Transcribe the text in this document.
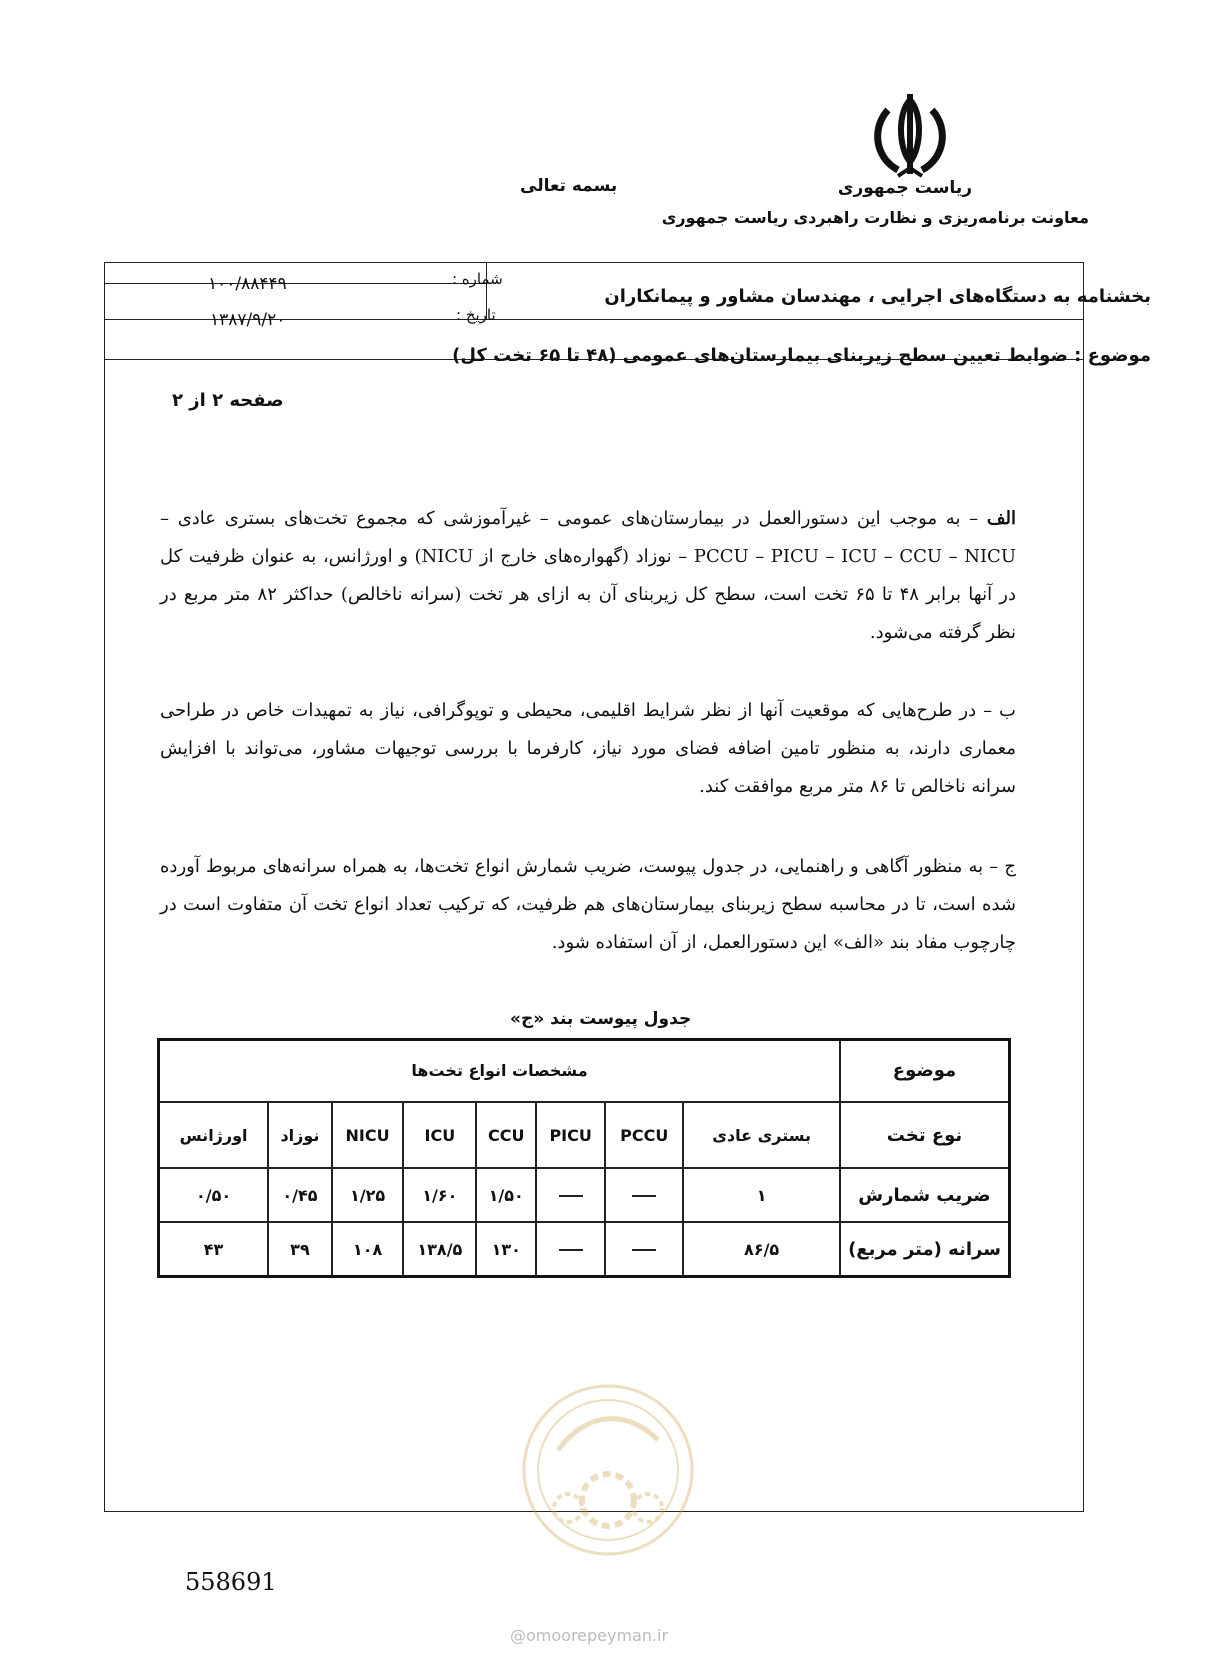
ریاست جمهوری
بسمه تعالی
معاونت برنامه‌ریزی و نظارت راهبردی ریاست جمهوری
بخشنامه به دستگاه‌های اجرایی ، مهندسان مشاور و پیمانکاران
شماره :
۱۰۰/۸۸۴۴۹
تاریخ :
۱۳۸۷/۹/۲۰
موضوع : ضوابط تعیین سطح زیربنای بیمارستان‌های عمومی (۴۸ تا ۶۵ تخت کل)
صفحه ۲ از ۲
الف – به موجب این دستورالعمل در بیمارستان‌های عمومی – غیرآموزشی که مجموع تخت‌های بستری عادی – PCCU – PICU – ICU – CCU – NICU – نوزاد (گهواره‌های خارج از NICU) و اورژانس، به عنوان ظرفیت کل در آنها برابر ۴۸ تا ۶۵ تخت است، سطح کل زیربنای آن به ازای هر تخت (سرانه ناخالص) حداکثر ۸۲ متر مربع در نظر گرفته می‌شود.
ب – در طرح‌هایی که موقعیت آنها از نظر شرایط اقلیمی، محیطی و توپوگرافی، نیاز به تمهیدات خاص در طراحی معماری دارند، به منظور تامین اضافه فضای مورد نیاز، کارفرما با بررسی توجیهات مشاور، می‌تواند با افزایش سرانه ناخالص تا ۸۶ متر مربع موافقت کند.
ج – به منظور آگاهی و راهنمایی، در جدول پیوست، ضریب شمارش انواع تخت‌ها، به همراه سرانه‌های مربوط آورده شده است، تا در محاسبه سطح زیربنای بیمارستان‌های هم ظرفیت، که ترکیب تعداد انواع تخت آن متفاوت است در چارچوب مفاد بند «الف» این دستورالعمل، از آن استفاده شود.
جدول پیوست بند «ج»
موضوع	مشخصات انواع تخت‌ها							
نوع تخت	بستری عادی	PCCU	PICU	CCU	ICU	NICU	نوزاد	اورژانس
ضریب شمارش	۱			۱/۵۰	۱/۶۰	۱/۲۵	۰/۴۵	۰/۵۰
سرانه (متر مربع)	۸۶/۵			۱۳۰	۱۳۸/۵	۱۰۸	۳۹	۴۳
558691
@omoorepeyman.ir
